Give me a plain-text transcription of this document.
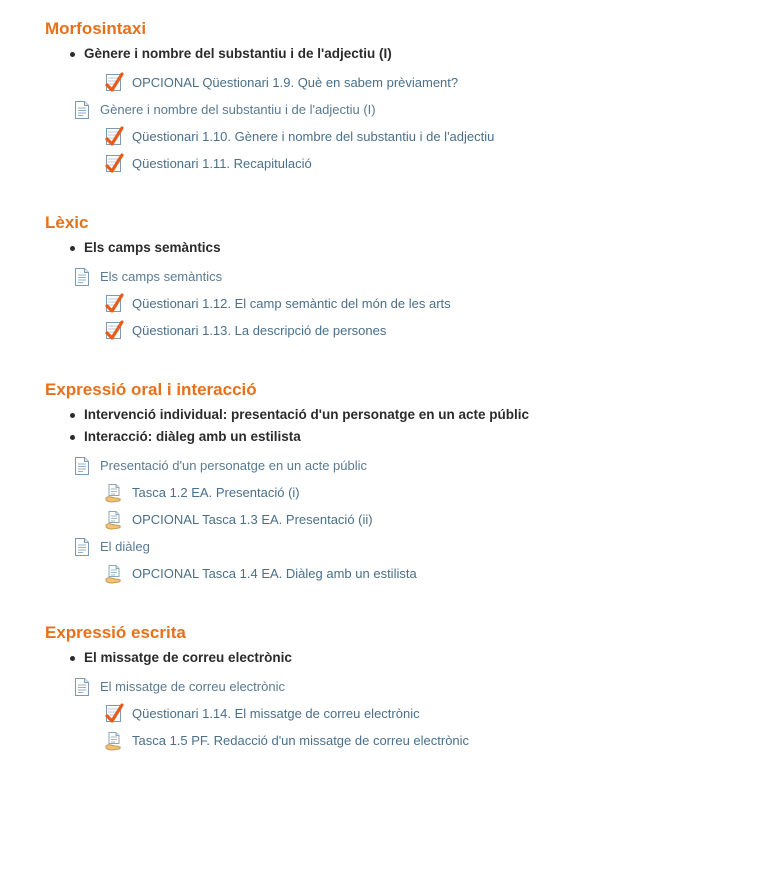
Morfosintaxi
Gènere i nombre del substantiu i de l'adjectiu (I)
OPCIONAL Qüestionari 1.9. Què en sabem prèviament?
Gènere i nombre del substantiu i de l'adjectiu (I)
Qüestionari 1.10. Gènere i nombre del substantiu i de l'adjectiu
Qüestionari 1.11. Recapitulació
Lèxic
Els camps semàntics
Els camps semàntics
Qüestionari 1.12. El camp semàntic del món de les arts
Qüestionari 1.13. La descripció de persones
Expressió oral i interacció
Intervenció individual: presentació d'un personatge en un acte públic
Interacció: diàleg amb un estilista
Presentació d'un personatge en un acte públic
Tasca 1.2 EA. Presentació (i)
OPCIONAL Tasca 1.3 EA. Presentació (ii)
El diàleg
OPCIONAL Tasca 1.4 EA. Diàleg amb un estilista
Expressió escrita
El missatge de correu electrònic
El missatge de correu electrònic
Qüestionari 1.14. El missatge de correu electrònic
Tasca 1.5 PF. Redacció d'un missatge de correu electrònic
